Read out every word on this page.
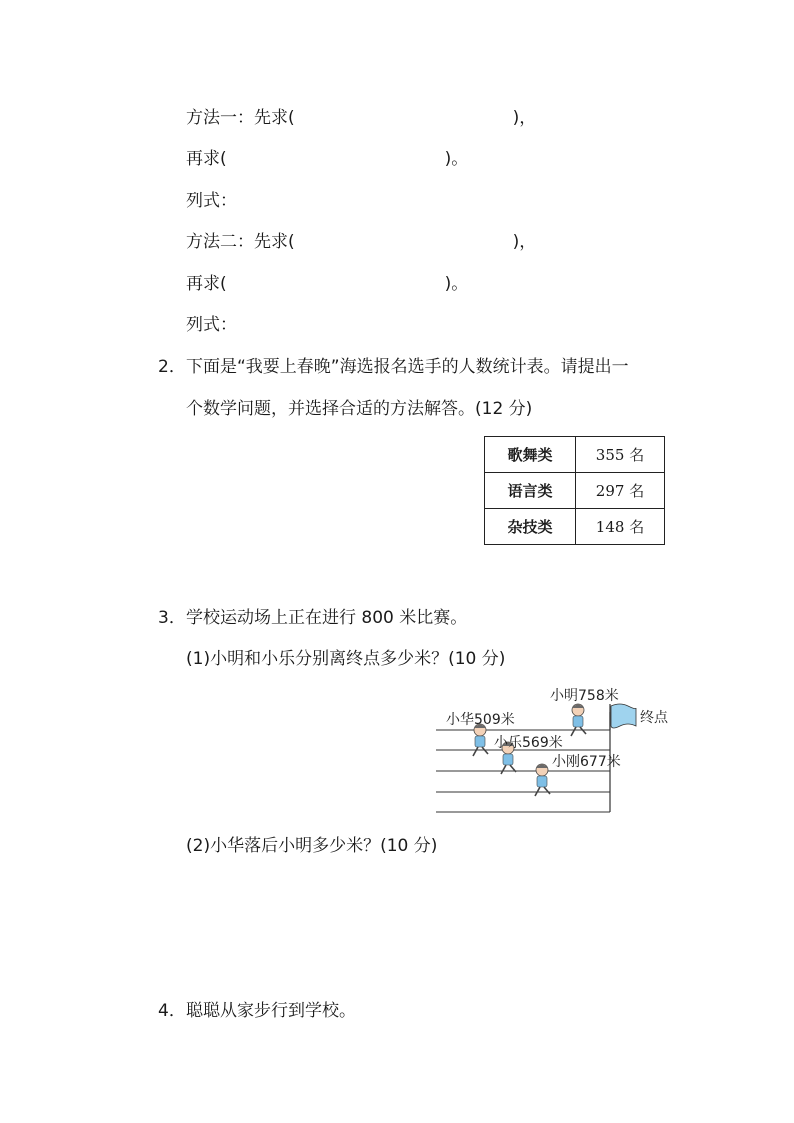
方法一：先求(	)，
再求(	)。
列式：
方法二：先求(	)，
再求(	)。
列式：
2． 下面是“我要上春晚”海选报名选手的人数统计表。请提出一
个数学问题，并选择合适的方法解答。(12 分)
歌舞类	355 名
语言类	297 名
杂技类	148 名
3． 学校运动场上正在进行 800 米比赛。
(1)小明和小乐分别离终点多少米？(10 分)
小华509米
小乐569米
小刚677米
小明758米
终点
(2)小华落后小明多少米？(10 分)
4． 聪聪从家步行到学校。
